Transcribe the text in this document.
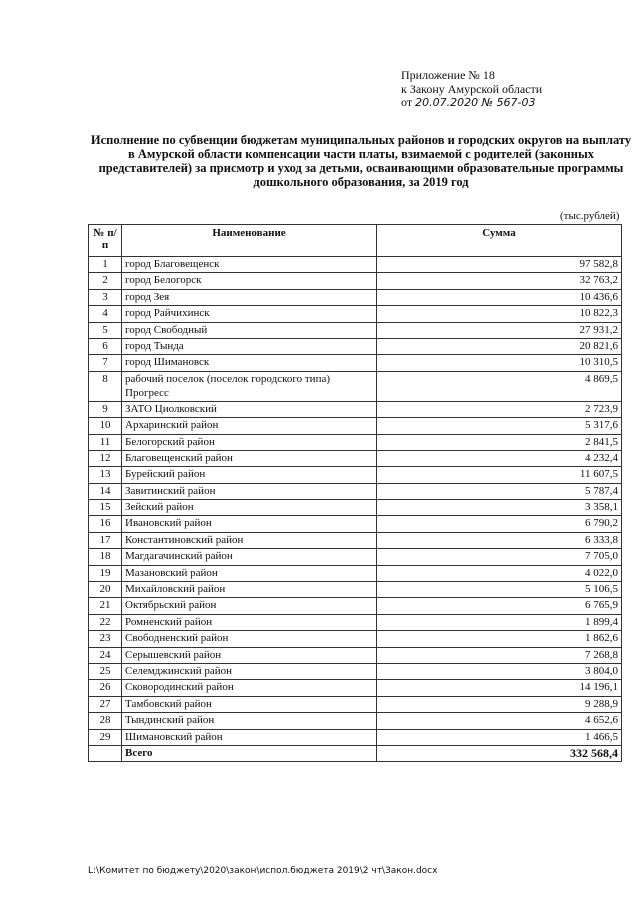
Приложение № 18
к Закону Амурской области
от 20.07.2020 № 567-03
Исполнение по субвенции бюджетам муниципальных районов и городских округов на выплату в Амурской области компенсации части платы, взимаемой с родителей (законных представителей) за присмотр и уход за детьми, осваивающими образовательные программы дошкольного образования, за 2019 год
(тыс.рублей)
№ п/п	Наименование	Сумма
1	город Благовещенск	97 582,8
2	город Белогорск	32 763,2
3	город Зея	10 436,6
4	город Райчихинск	10 822,3
5	город Свободный	27 931,2
6	город Тында	20 821,6
7	город Шимановск	10 310,5
8	рабочий поселок (поселок городского типа) Прогресс	4 869,5
9	ЗАТО Циолковский	2 723,9
10	Архаринский район	5 317,6
11	Белогорский район	2 841,5
12	Благовещенский район	4 232,4
13	Бурейский район	11 607,5
14	Завитинский район	5 787,4
15	Зейский район	3 358,1
16	Ивановский район	6 790,2
17	Константиновский район	6 333,8
18	Магдагачинский район	7 705,0
19	Мазановский район	4 022,0
20	Михайловский район	5 106,5
21	Октябрьский район	6 765,9
22	Ромненский район	1 899,4
23	Свободненский район	1 862,6
24	Серышевский район	7 268,8
25	Селемджинский район	3 804,0
26	Сковородинский район	14 196,1
27	Тамбовский район	9 288,9
28	Тындинский район	4 652,6
29	Шимановский район	1 466,5
	Всего	332 568,4
L:\Комитет по бюджету\2020\закон\испол.бюджета 2019\2 чт\Закон.docx
